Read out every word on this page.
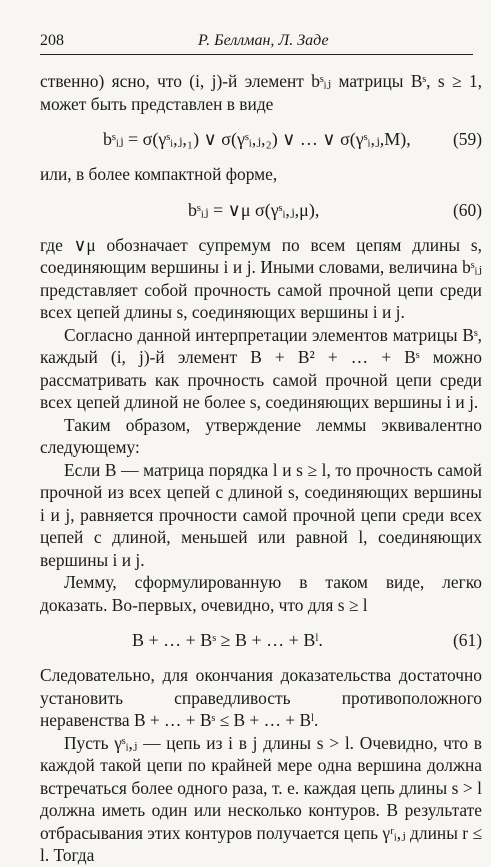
208	Р. Беллман, Л. Заде

ственно) ясно, что (i, j)-й элемент bˢᵢⱼ матрицы Bˢ, s ≥ 1, может быть представлен в виде

bˢᵢⱼ = σ(γˢᵢ,ⱼ,₁) ∨ σ(γˢᵢ,ⱼ,₂) ∨ … ∨ σ(γˢᵢ,ⱼ,M), (59)

или, в более компактной форме,

bˢᵢⱼ = ∨μ σ(γˢᵢ,ⱼ,μ),	(60)

где ∨μ обозначает супремум по всем цепям длины s, соединяющим вершины i и j. Иными словами, величина bˢᵢⱼ представляет собой прочность самой прочной цепи среди всех цепей длины s, соединяющих вершины i и j.

Согласно данной интерпретации элементов матрицы Bˢ, каждый (i, j)-й элемент B + B² + … + Bˢ можно рассматривать как прочность самой прочной цепи среди всех цепей длиной не более s, соединяющих вершины i и j.

Таким образом, утверждение леммы эквивалентно следующему:

Если B — матрица порядка l и s ≥ l, то прочность самой прочной из всех цепей с длиной s, соединяющих вершины i и j, равняется прочности самой прочной цепи среди всех цепей с длиной, меньшей или равной l, соединяющих вершины i и j.

Лемму, сформулированную в таком виде, легко доказать. Во-первых, очевидно, что для s ≥ l

B + … + Bˢ ≥ B + … + Bˡ.	(61)

Следовательно, для окончания доказательства достаточно установить справедливость противоположного неравенства B + … + Bˢ ≤ B + … + Bˡ.

Пусть γˢᵢ,ⱼ — цепь из i в j длины s > l. Очевидно, что в каждой такой цепи по крайней мере одна вершина должна встречаться более одного раза, т. е. каждая цепь длины s > l должна иметь один или несколько контуров. В результате отбрасывания этих контуров получается цепь γʳᵢ,ⱼ длины r ≤ l. Тогда
